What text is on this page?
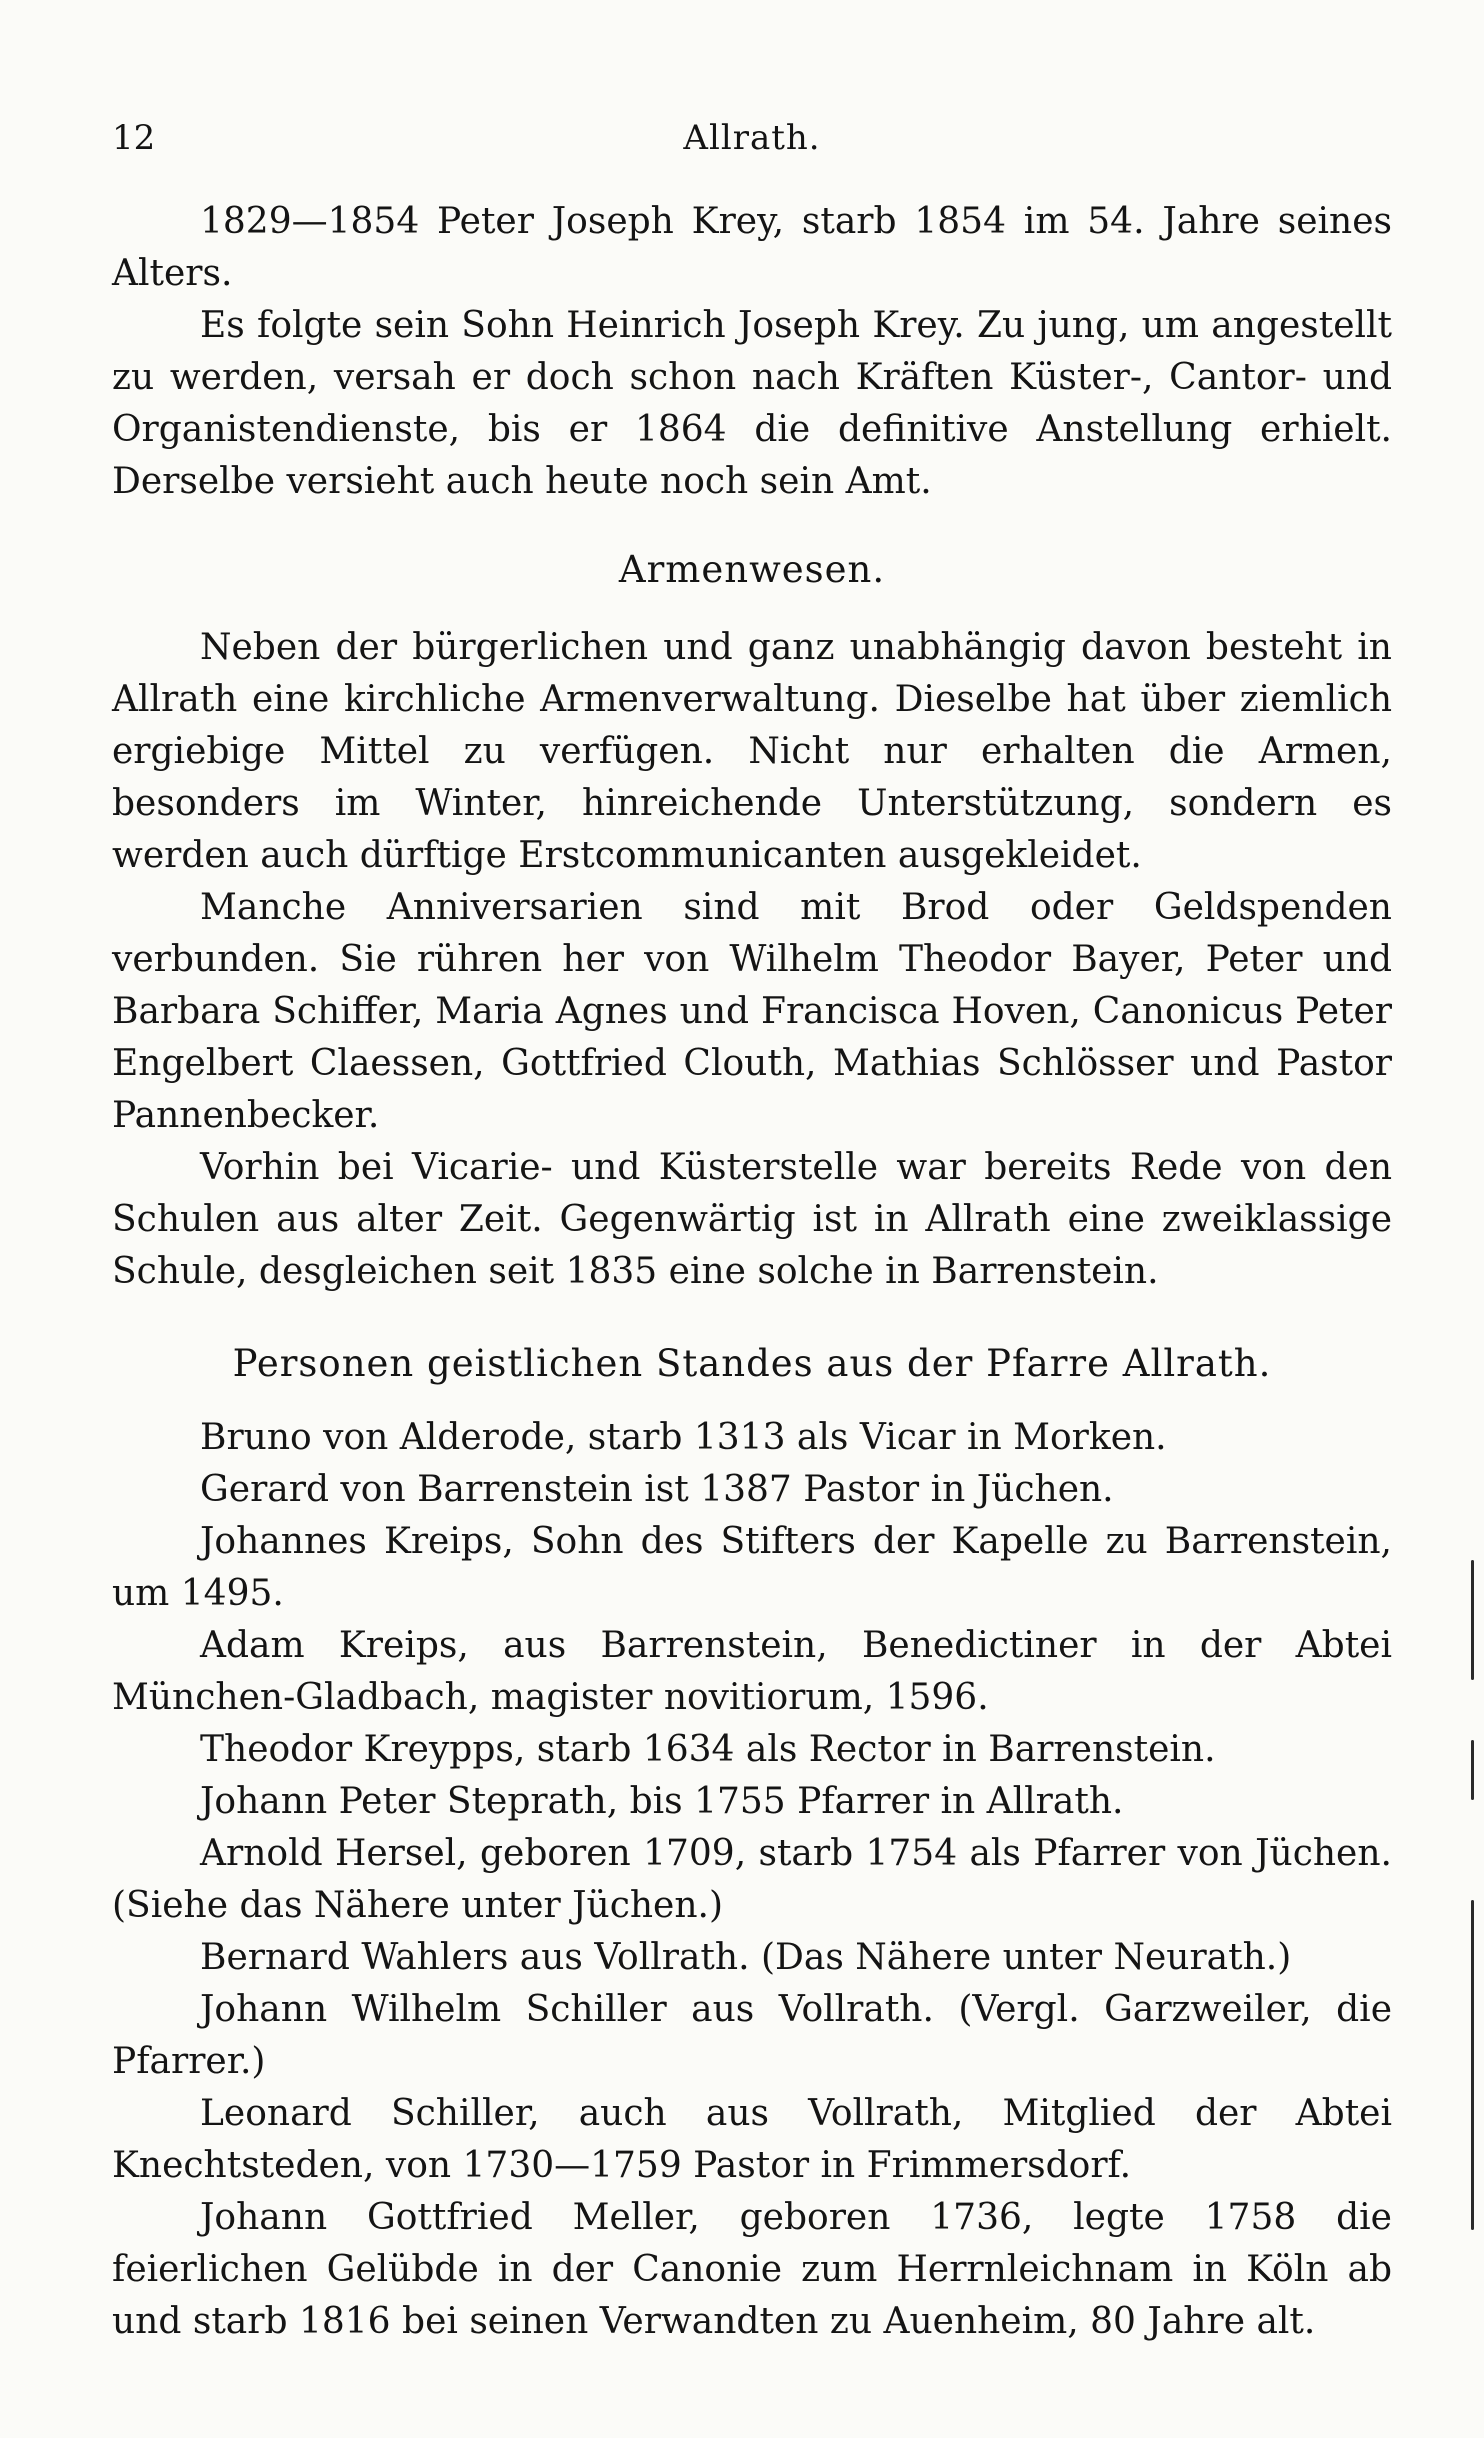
12	Allrath.

1829—1854 Peter Joseph Krey, starb 1854 im 54. Jahre seines Alters.

Es folgte sein Sohn Heinrich Joseph Krey. Zu jung, um angestellt zu werden, versah er doch schon nach Kräften Küster-, Cantor- und Organistendienste, bis er 1864 die definitive Anstellung erhielt. Derselbe versieht auch heute noch sein Amt.

Armenwesen.

Neben der bürgerlichen und ganz unabhängig davon besteht in Allrath eine kirchliche Armenverwaltung. Dieselbe hat über ziemlich ergiebige Mittel zu verfügen. Nicht nur erhalten die Armen, besonders im Winter, hinreichende Unterstützung, sondern es werden auch dürftige Erstcommunicanten ausgekleidet.

Manche Anniversarien sind mit Brod oder Geldspenden verbunden. Sie rühren her von Wilhelm Theodor Bayer, Peter und Barbara Schiffer, Maria Agnes und Francisca Hoven, Canonicus Peter Engelbert Claessen, Gottfried Clouth, Mathias Schlösser und Pastor Pannenbecker.

Vorhin bei Vicarie- und Küsterstelle war bereits Rede von den Schulen aus alter Zeit. Gegenwärtig ist in Allrath eine zweiklassige Schule, desgleichen seit 1835 eine solche in Barrenstein.

Personen geistlichen Standes aus der Pfarre Allrath.

Bruno von Alderode, starb 1313 als Vicar in Morken.

Gerard von Barrenstein ist 1387 Pastor in Jüchen.

Johannes Kreips, Sohn des Stifters der Kapelle zu Barrenstein, um 1495.

Adam Kreips, aus Barrenstein, Benedictiner in der Abtei München-Gladbach, magister novitiorum, 1596.

Theodor Kreypps, starb 1634 als Rector in Barrenstein.

Johann Peter Steprath, bis 1755 Pfarrer in Allrath.

Arnold Hersel, geboren 1709, starb 1754 als Pfarrer von Jüchen. (Siehe das Nähere unter Jüchen.)

Bernard Wahlers aus Vollrath. (Das Nähere unter Neurath.)

Johann Wilhelm Schiller aus Vollrath. (Vergl. Garzweiler, die Pfarrer.)

Leonard Schiller, auch aus Vollrath, Mitglied der Abtei Knechtsteden, von 1730—1759 Pastor in Frimmersdorf.

Johann Gottfried Meller, geboren 1736, legte 1758 die feierlichen Gelübde in der Canonie zum Herrnleichnam in Köln ab und starb 1816 bei seinen Verwandten zu Auenheim, 80 Jahre alt.
